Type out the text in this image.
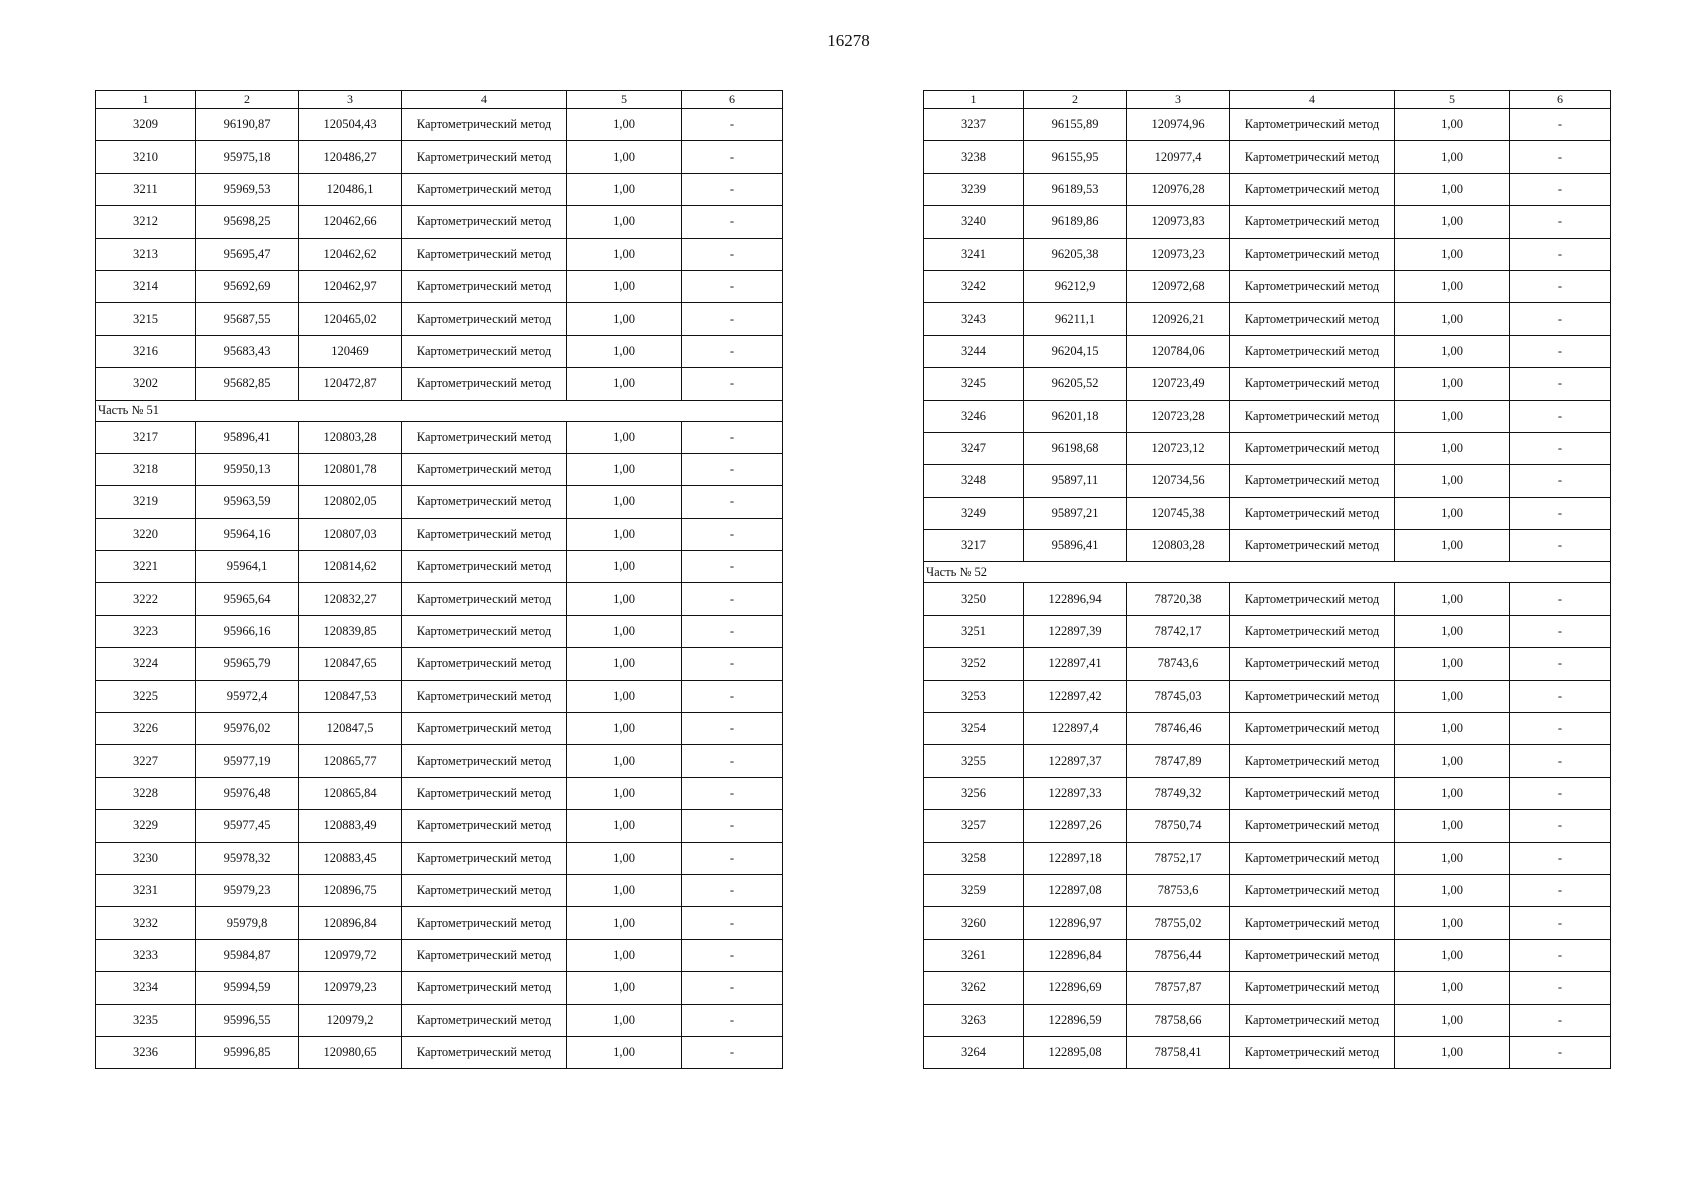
16278
1	2	3	4	5	6
3209	96190,87	120504,43	Картометрический метод	1,00	-
3210	95975,18	120486,27	Картометрический метод	1,00	-
3211	95969,53	120486,1	Картометрический метод	1,00	-
3212	95698,25	120462,66	Картометрический метод	1,00	-
3213	95695,47	120462,62	Картометрический метод	1,00	-
3214	95692,69	120462,97	Картометрический метод	1,00	-
3215	95687,55	120465,02	Картометрический метод	1,00	-
3216	95683,43	120469	Картометрический метод	1,00	-
3202	95682,85	120472,87	Картометрический метод	1,00	-
Часть № 51					
3217	95896,41	120803,28	Картометрический метод	1,00	-
3218	95950,13	120801,78	Картометрический метод	1,00	-
3219	95963,59	120802,05	Картометрический метод	1,00	-
3220	95964,16	120807,03	Картометрический метод	1,00	-
3221	95964,1	120814,62	Картометрический метод	1,00	-
3222	95965,64	120832,27	Картометрический метод	1,00	-
3223	95966,16	120839,85	Картометрический метод	1,00	-
3224	95965,79	120847,65	Картометрический метод	1,00	-
3225	95972,4	120847,53	Картометрический метод	1,00	-
3226	95976,02	120847,5	Картометрический метод	1,00	-
3227	95977,19	120865,77	Картометрический метод	1,00	-
3228	95976,48	120865,84	Картометрический метод	1,00	-
3229	95977,45	120883,49	Картометрический метод	1,00	-
3230	95978,32	120883,45	Картометрический метод	1,00	-
3231	95979,23	120896,75	Картометрический метод	1,00	-
3232	95979,8	120896,84	Картометрический метод	1,00	-
3233	95984,87	120979,72	Картометрический метод	1,00	-
3234	95994,59	120979,23	Картометрический метод	1,00	-
3235	95996,55	120979,2	Картометрический метод	1,00	-
3236	95996,85	120980,65	Картометрический метод	1,00	-
1	2	3	4	5	6
3237	96155,89	120974,96	Картометрический метод	1,00	-
3238	96155,95	120977,4	Картометрический метод	1,00	-
3239	96189,53	120976,28	Картометрический метод	1,00	-
3240	96189,86	120973,83	Картометрический метод	1,00	-
3241	96205,38	120973,23	Картометрический метод	1,00	-
3242	96212,9	120972,68	Картометрический метод	1,00	-
3243	96211,1	120926,21	Картометрический метод	1,00	-
3244	96204,15	120784,06	Картометрический метод	1,00	-
3245	96205,52	120723,49	Картометрический метод	1,00	-
3246	96201,18	120723,28	Картометрический метод	1,00	-
3247	96198,68	120723,12	Картометрический метод	1,00	-
3248	95897,11	120734,56	Картометрический метод	1,00	-
3249	95897,21	120745,38	Картометрический метод	1,00	-
3217	95896,41	120803,28	Картометрический метод	1,00	-
Часть № 52					
3250	122896,94	78720,38	Картометрический метод	1,00	-
3251	122897,39	78742,17	Картометрический метод	1,00	-
3252	122897,41	78743,6	Картометрический метод	1,00	-
3253	122897,42	78745,03	Картометрический метод	1,00	-
3254	122897,4	78746,46	Картометрический метод	1,00	-
3255	122897,37	78747,89	Картометрический метод	1,00	-
3256	122897,33	78749,32	Картометрический метод	1,00	-
3257	122897,26	78750,74	Картометрический метод	1,00	-
3258	122897,18	78752,17	Картометрический метод	1,00	-
3259	122897,08	78753,6	Картометрический метод	1,00	-
3260	122896,97	78755,02	Картометрический метод	1,00	-
3261	122896,84	78756,44	Картометрический метод	1,00	-
3262	122896,69	78757,87	Картометрический метод	1,00	-
3263	122896,59	78758,66	Картометрический метод	1,00	-
3264	122895,08	78758,41	Картометрический метод	1,00	-
